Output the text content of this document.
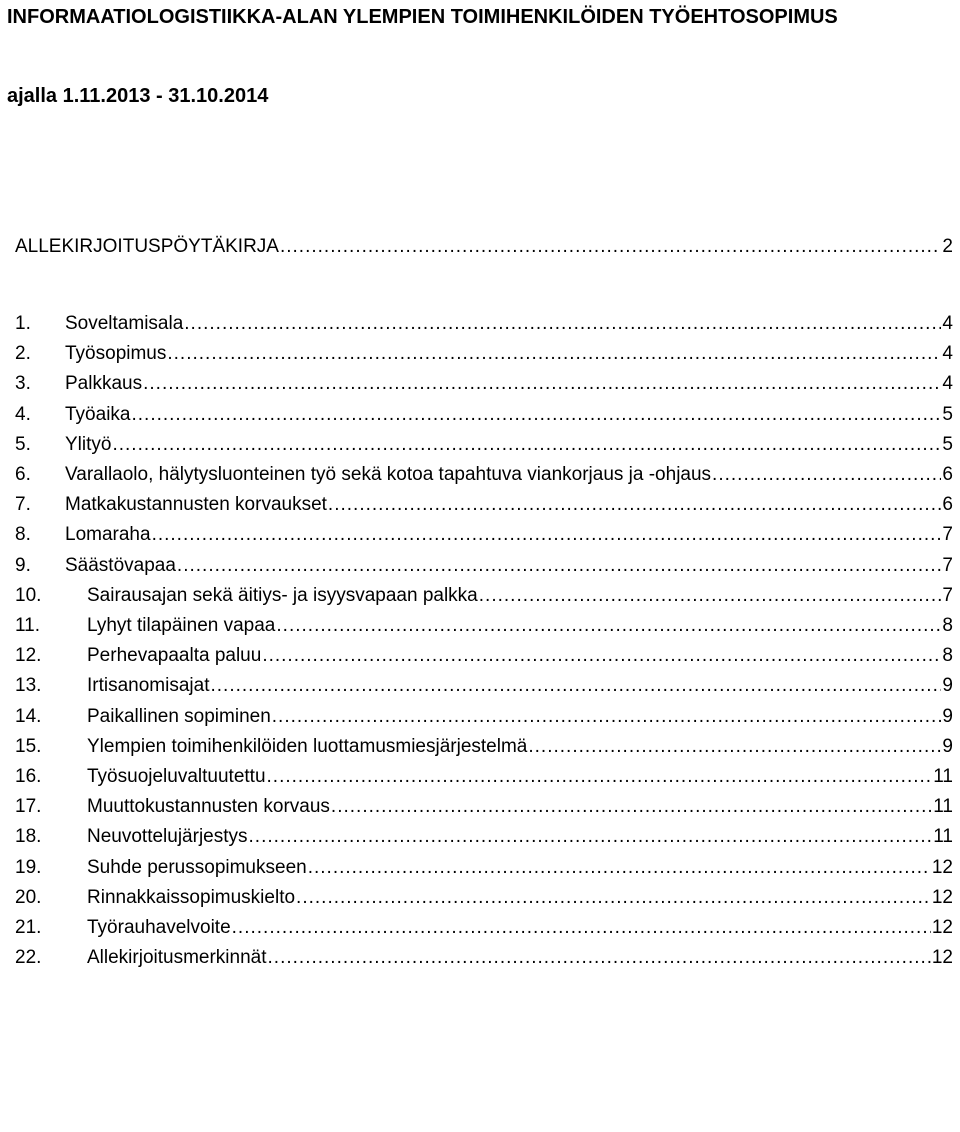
INFORMAATIOLOGISTIIKKA-ALAN YLEMPIEN TOIMIHENKILÖIDEN TYÖEHTOSOPIMUS

ajalla 1.11.2013 - 31.10.2014

ALLEKIRJOITUSPÖYTÄKIRJA .....	2
1.	Soveltamisala .....	4
2.	Työsopimus .....	4
3.	Palkkaus .....	4
4.	Työaika .....	5
5.	Ylityö .....	5
6.	Varallaolo, hälytysluonteinen työ sekä kotoa tapahtuva viankorjaus ja -ohjaus .....	6
7.	Matkakustannusten korvaukset .....	6
8.	Lomaraha .....	7
9.	Säästövapaa .....	7
10.	Sairausajan sekä äitiys- ja isyysvapaan palkka .....	7
11.	Lyhyt tilapäinen vapaa .....	8
12.	Perhevapaalta paluu .....	8
13.	Irtisanomisajat .....	9
14.	Paikallinen sopiminen .....	9
15.	Ylempien toimihenkilöiden luottamusmiesjärjestelmä .....	9
16.	Työsuojeluvaltuutettu .....	11
17.	Muuttokustannusten korvaus .....	11
18.	Neuvottelujärjestys .....	11
19.	Suhde perussopimukseen .....	12
20.	Rinnakkaissopimuskielto .....	12
21.	Työrauhavelvoite .....	12
22.	Allekirjoitusmerkinnät .....	12
